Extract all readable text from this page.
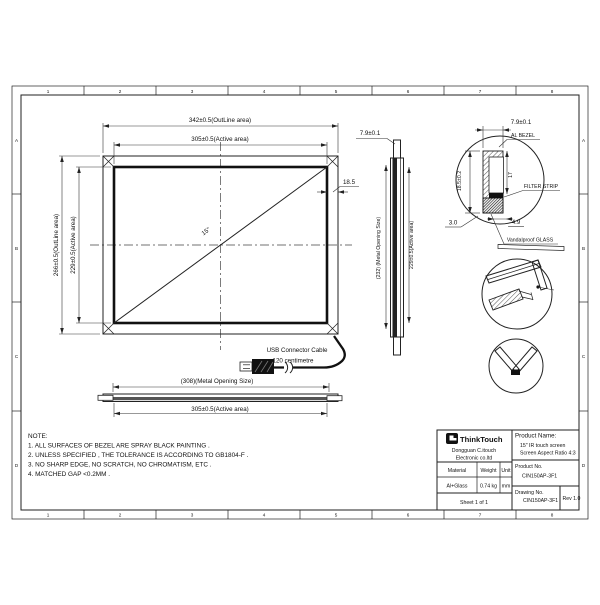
1	2	3	4	5	6	7	8
1	2	3	4	5	6	7	8
A
B
C
D
A
B
C
D
15"
342±0.5(OutLine area)
305±0.5(Active area)
266±0.5(OutLine area) 229±0.5(Active area)
18.5
7.9±0.1
(232) (Metal Opening Size)	229±0.5(Active area)
7.9±0.1
AL BEZEL
18.5±0.2	17
FILTER STRIP
3.0	4.9
Vandalproof GLASS
USB Connector Cable
120 centimetre
(308)(Metal Opening Size)
305±0.5(Active area)
NOTE:
1. ALL SURFACES OF BEZEL ARE SPRAY BLACK PAINTING .
2. UNLESS SPECIFIED , THE TOLERANCE IS ACCORDING TO GB1804-F .
3. NO SHARP EDGE, NO SCRATCH, NO CHROMATISM, ETC .
4. MATCHED GAP <0.2MM .
ThinkTouch
Dongguan C.itouch
Electronic co.ltd
Material	Weight Unit
Al+Glass 0.74 kg mm
Sheet 1 of 1
Product Name:
15" IR touch screen
Screen Aspect Ratio 4:3
Product No.
CIN150AP-3F1
Drawing No.
CIN150AP-3F1 Rev 1.0
